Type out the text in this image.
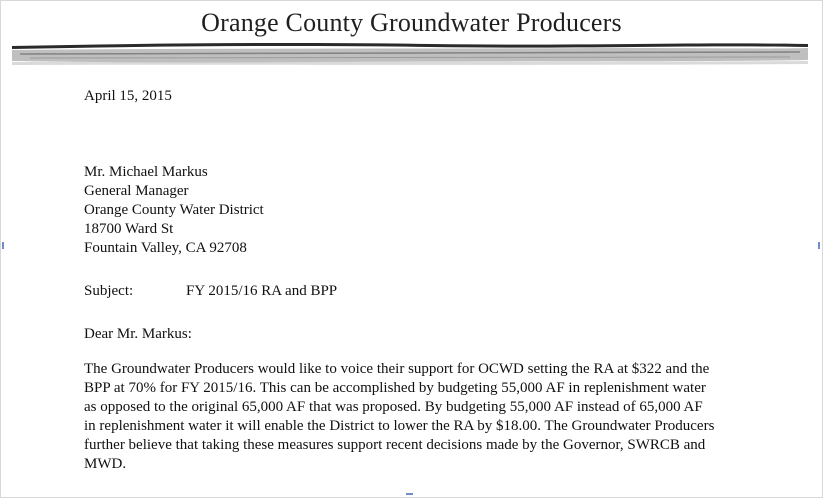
Orange County Groundwater Producers
April 15, 2015
Mr. Michael Markus
General Manager
Orange County Water District
18700 Ward St
Fountain Valley, CA 92708
Subject:	FY 2015/16 RA and BPP
Dear Mr. Markus:
The Groundwater Producers would like to voice their support for OCWD setting the RA at $322 and the
BPP at 70% for FY 2015/16. This can be accomplished by budgeting 55,000 AF in replenishment water
as opposed to the original 65,000 AF that was proposed. By budgeting 55,000 AF instead of 65,000 AF
in replenishment water it will enable the District to lower the RA by $18.00. The Groundwater Producers
further believe that taking these measures support recent decisions made by the Governor, SWRCB and
MWD.
